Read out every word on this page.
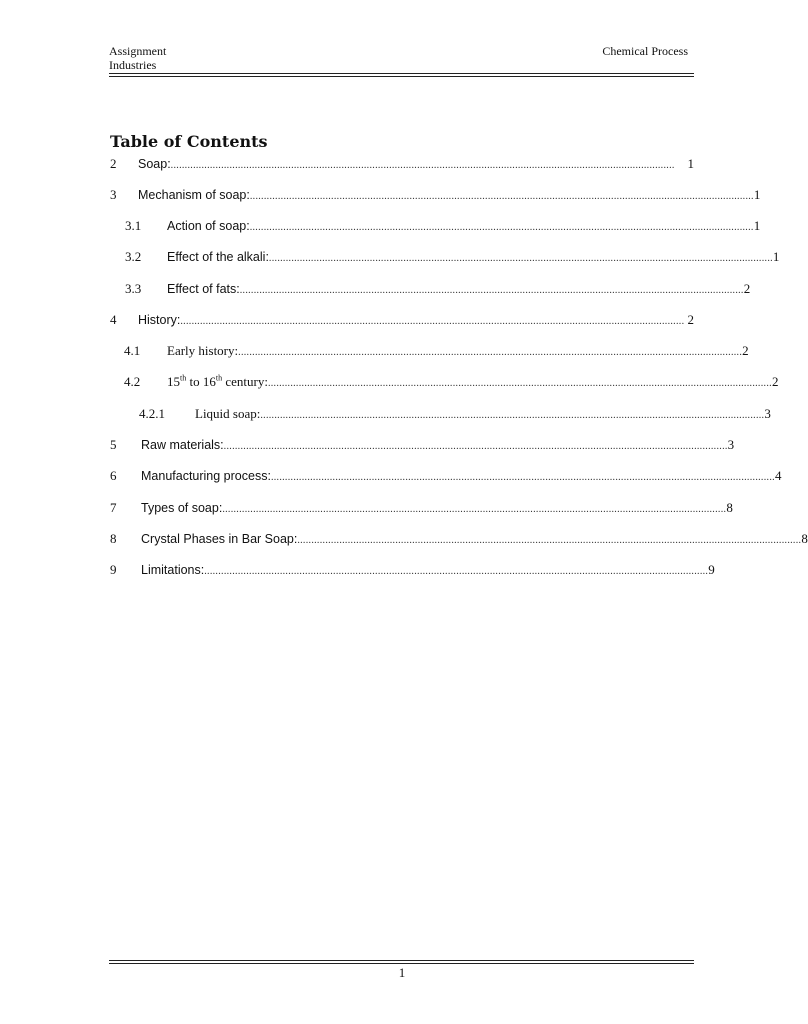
Assignment
Industries
Chemical Process
Table of Contents
2	Soap: .................................................................................................................................................................................... 1
3	Mechanism of soap: .................................................................................................................................................................................... 1
3.1	Action of soap: .................................................................................................................................................................................... 1
3.2	Effect of the alkali: .................................................................................................................................................................................... 1
3.3	Effect of fats: .................................................................................................................................................................................... 2
4	History: .................................................................................................................................................................................... 2
4.1	Early history: .................................................................................................................................................................................... 2
4.2	15th to 16th century: .................................................................................................................................................................................... 2
4.2.1	Liquid soap: .................................................................................................................................................................................... 3
5	Raw materials: .................................................................................................................................................................................... 3
6	Manufacturing process: .................................................................................................................................................................................... 4
7	Types of soap: .................................................................................................................................................................................... 8
8	Crystal Phases in Bar Soap: .................................................................................................................................................................................... 8
9	Limitations: .................................................................................................................................................................................... 9
1
